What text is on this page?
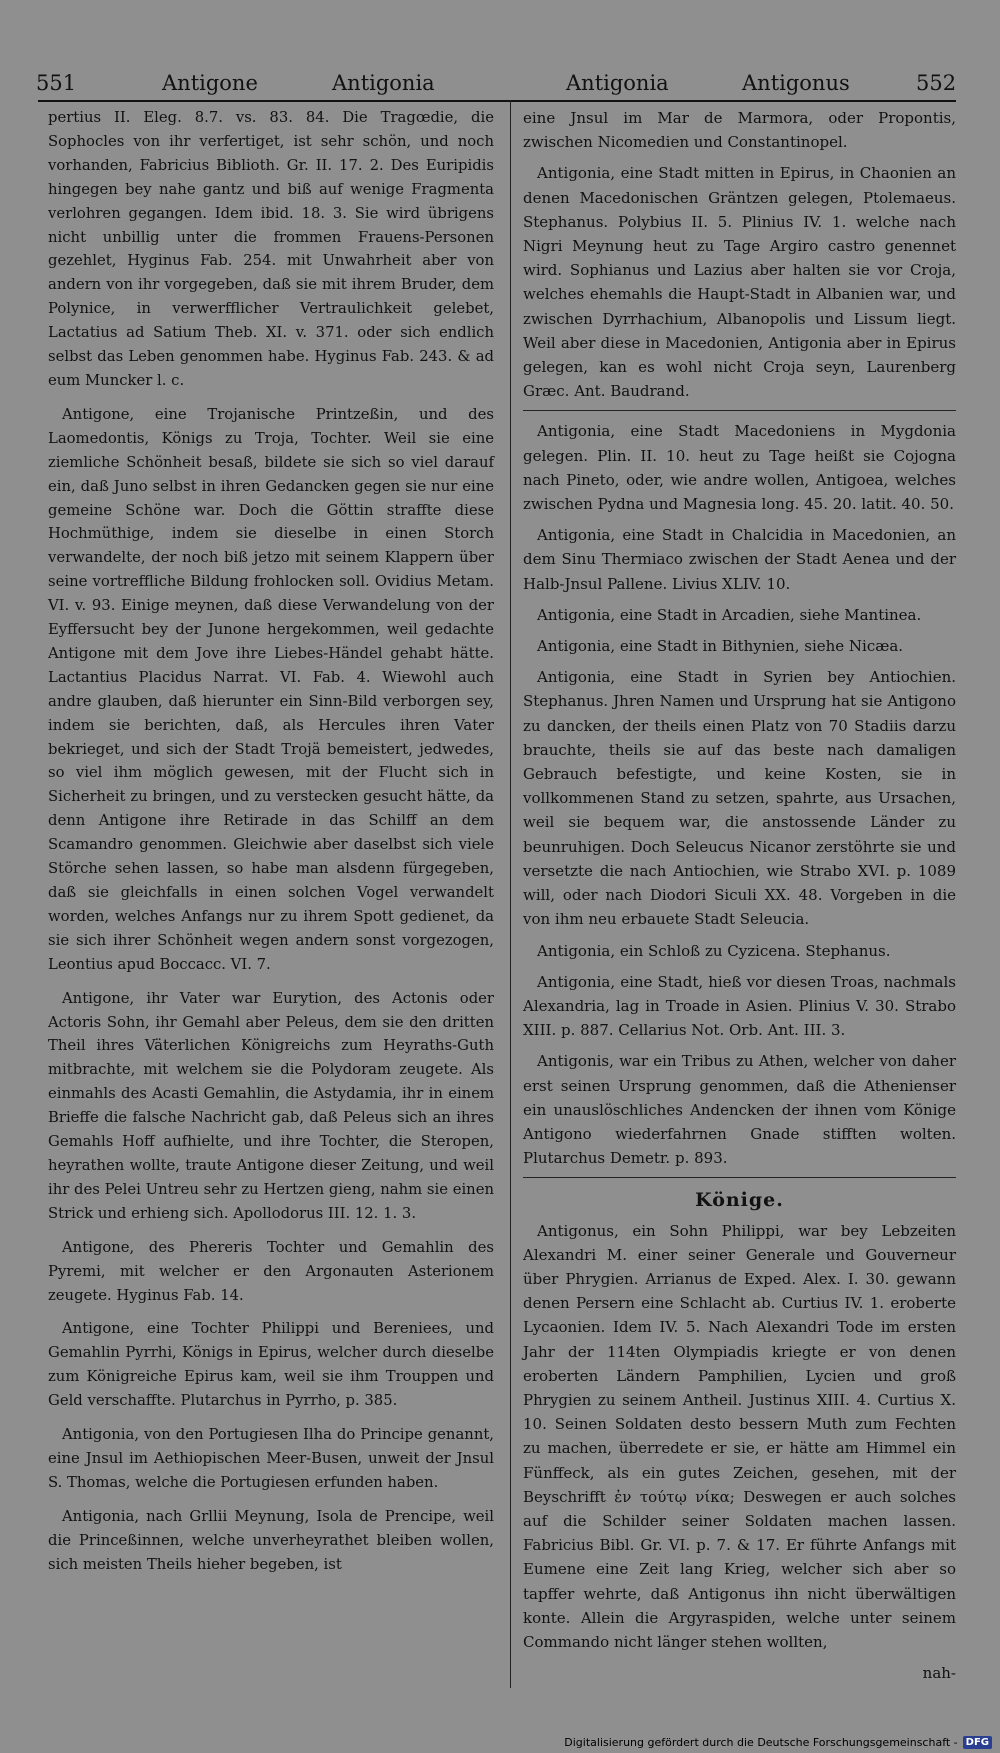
551	Antigone	Antigonia	Antigonia	Antigonus	552

pertius II. Eleg. 8.7. vs. 83. 84. Die Tragœdie, die Sophocles von ihr verfertiget, ist sehr schön, und noch vorhanden, Fabricius Biblioth. Gr. II. 17. 2. Des Euripidis hingegen bey nahe gantz und biß auf wenige Fragmenta verlohren gegangen. Idem ibid. 18. 3. Sie wird übrigens nicht unbillig unter die frommen Frauens-Personen gezehlet, Hyginus Fab. 254. mit Unwahrheit aber von andern von ihr vorgegeben, daß sie mit ihrem Bruder, dem Polynice, in verwerfflicher Vertraulichkeit gelebet, Lactatius ad Satium Theb. XI. v. 371. oder sich endlich selbst das Leben genommen habe. Hyginus Fab. 243. & ad eum Muncker l. c.

Antigone, eine Trojanische Printzeßin, und des Laomedontis, Königs zu Troja, Tochter. Weil sie eine ziemliche Schönheit besaß, bildete sie sich so viel darauf ein, daß Juno selbst in ihren Gedancken gegen sie nur eine gemeine Schöne war. Doch die Göttin straffte diese Hochmüthige, indem sie dieselbe in einen Storch verwandelte, der noch biß jetzo mit seinem Klappern über seine vortreffliche Bildung frohlocken soll. Ovidius Metam. VI. v. 93. Einige meynen, daß diese Verwandelung von der Eyffersucht bey der Junone hergekommen, weil gedachte Antigone mit dem Jove ihre Liebes-Händel gehabt hätte. Lactantius Placidus Narrat. VI. Fab. 4. Wiewohl auch andre glauben, daß hierunter ein Sinn-Bild verborgen sey, indem sie berichten, daß, als Hercules ihren Vater bekrieget, und sich der Stadt Trojä bemeistert, jedwedes, so viel ihm möglich gewesen, mit der Flucht sich in Sicherheit zu bringen, und zu verstecken gesucht hätte, da denn Antigone ihre Retirade in das Schilff an dem Scamandro genommen. Gleichwie aber daselbst sich viele Störche sehen lassen, so habe man alsdenn fürgegeben, daß sie gleichfalls in einen solchen Vogel verwandelt worden, welches Anfangs nur zu ihrem Spott gedienet, da sie sich ihrer Schönheit wegen andern sonst vorgezogen, Leontius apud Boccacc. VI. 7.

Antigone, ihr Vater war Eurytion, des Actonis oder Actoris Sohn, ihr Gemahl aber Peleus, dem sie den dritten Theil ihres Väterlichen Königreichs zum Heyraths-Guth mitbrachte, mit welchem sie die Polydoram zeugete. Als einmahls des Acasti Gemahlin, die Astydamia, ihr in einem Brieffe die falsche Nachricht gab, daß Peleus sich an ihres Gemahls Hoff aufhielte, und ihre Tochter, die Steropen, heyrathen wollte, traute Antigone dieser Zeitung, und weil ihr des Pelei Untreu sehr zu Hertzen gieng, nahm sie einen Strick und erhieng sich. Apollodorus III. 12. 1. 3.

Antigone, des Phereris Tochter und Gemahlin des Pyremi, mit welcher er den Argonauten Asterionem zeugete. Hyginus Fab. 14.

Antigone, eine Tochter Philippi und Bereniees, und Gemahlin Pyrrhi, Königs in Epirus, welcher durch dieselbe zum Königreiche Epirus kam, weil sie ihm Trouppen und Geld verschaffte. Plutarchus in Pyrrho, p. 385.

Antigonia, von den Portugiesen Ilha do Principe genannt, eine Jnsul im Aethiopischen Meer-Busen, unweit der Jnsul S. Thomas, welche die Portugiesen erfunden haben.

Antigonia, nach Grllii Meynung, Isola de Prencipe, weil die Princeßinnen, welche unverheyrathet bleiben wollen, sich meisten Theils hieher begeben, ist

eine Jnsul im Mar de Marmora, oder Propontis, zwischen Nicomedien und Constantinopel.

Antigonia, eine Stadt mitten in Epirus, in Chaonien an denen Macedonischen Gräntzen gelegen, Ptolemaeus. Stephanus. Polybius II. 5. Plinius IV. 1. welche nach Nigri Meynung heut zu Tage Argiro castro genennet wird. Sophianus und Lazius aber halten sie vor Croja, welches ehemahls die Haupt-Stadt in Albanien war, und zwischen Dyrrhachium, Albanopolis und Lissum liegt. Weil aber diese in Macedonien, Antigonia aber in Epirus gelegen, kan es wohl nicht Croja seyn, Laurenberg Græc. Ant. Baudrand.

Antigonia, eine Stadt Macedoniens in Mygdonia gelegen. Plin. II. 10. heut zu Tage heißt sie Cojogna nach Pineto, oder, wie andre wollen, Antigoea, welches zwischen Pydna und Magnesia long. 45. 20. latit. 40. 50.

Antigonia, eine Stadt in Chalcidia in Macedonien, an dem Sinu Thermiaco zwischen der Stadt Aenea und der Halb-Jnsul Pallene. Livius XLIV. 10.

Antigonia, eine Stadt in Arcadien, siehe Mantinea.

Antigonia, eine Stadt in Bithynien, siehe Nicæa.

Antigonia, eine Stadt in Syrien bey Antiochien. Stephanus. Jhren Namen und Ursprung hat sie Antigono zu dancken, der theils einen Platz von 70 Stadiis darzu brauchte, theils sie auf das beste nach damaligen Gebrauch befestigte, und keine Kosten, sie in vollkommenen Stand zu setzen, spahrte, aus Ursachen, weil sie bequem war, die anstossende Länder zu beunruhigen. Doch Seleucus Nicanor zerstöhrte sie und versetzte die nach Antiochien, wie Strabo XVI. p. 1089 will, oder nach Diodori Siculi XX. 48. Vorgeben in die von ihm neu erbauete Stadt Seleucia.

Antigonia, ein Schloß zu Cyzicena. Stephanus.

Antigonia, eine Stadt, hieß vor diesen Troas, nachmals Alexandria, lag in Troade in Asien. Plinius V. 30. Strabo XIII. p. 887. Cellarius Not. Orb. Ant. III. 3.

Antigonis, war ein Tribus zu Athen, welcher von daher erst seinen Ursprung genommen, daß die Athenienser ein unauslöschliches Andencken der ihnen vom Könige Antigono wiederfahrnen Gnade stifften wolten. Plutarchus Demetr. p. 893.

Könige.

Antigonus, ein Sohn Philippi, war bey Lebzeiten Alexandri M. einer seiner Generale und Gouverneur über Phrygien. Arrianus de Exped. Alex. I. 30. gewann denen Persern eine Schlacht ab. Curtius IV. 1. eroberte Lycaonien. Idem IV. 5. Nach Alexandri Tode im ersten Jahr der 114ten Olympiadis kriegte er von denen eroberten Ländern Pamphilien, Lycien und groß Phrygien zu seinem Antheil. Justinus XIII. 4. Curtius X. 10. Seinen Soldaten desto bessern Muth zum Fechten zu machen, überredete er sie, er hätte am Himmel ein Fünffeck, als ein gutes Zeichen, gesehen, mit der Beyschrifft ἐν τούτῳ νίκα; Deswegen er auch solches auf die Schilder seiner Soldaten machen lassen. Fabricius Bibl. Gr. VI. p. 7. & 17. Er führte Anfangs mit Eumene eine Zeit lang Krieg, welcher sich aber so tapffer wehrte, daß Antigonus ihn nicht überwältigen konte. Allein die Argyraspiden, welche unter seinem Commando nicht länger stehen wollten,

nah-
Digitalisierung gefördert durch die Deutsche Forschungsgemeinschaft - DFG
